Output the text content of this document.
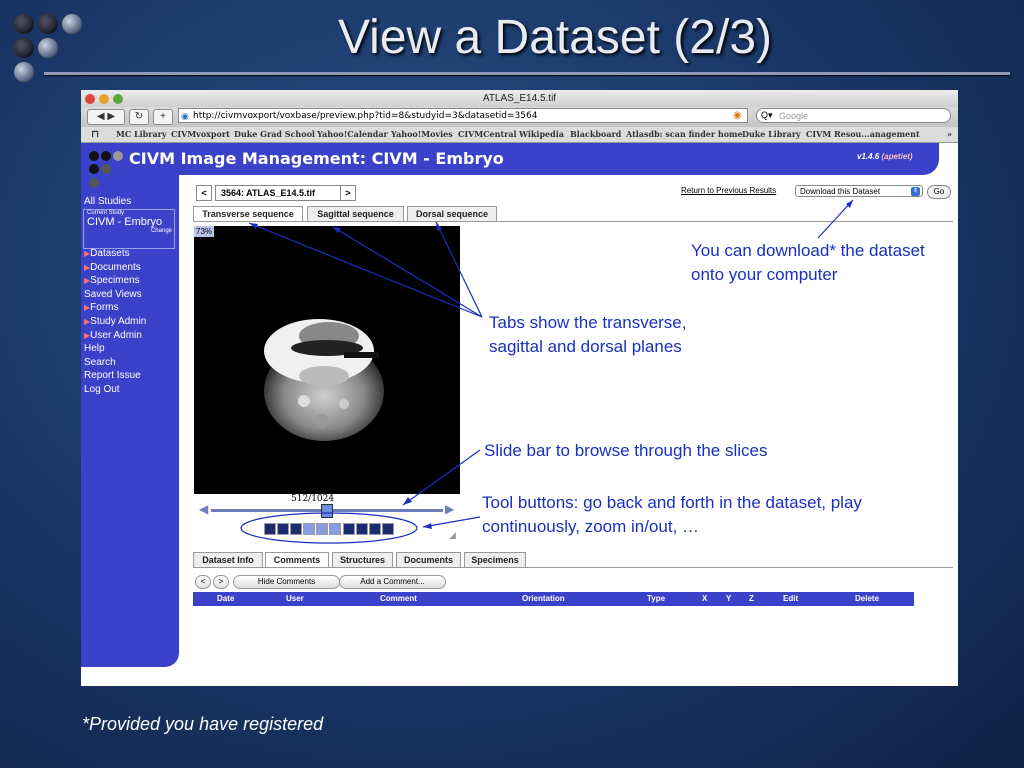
View a Dataset (2/3)
ATLAS_E14.5.tif
◀ ▶	↻	+	http://civmvoxport/voxbase/preview.php?tid=8&studyid=3&datasetid=3564
◉	◉	Google
Q▾
⊓ MC Library CIVMvoxport Duke Grad School Yahoo!Calendar Yahoo!Movies CIVMCentral Wikipedia Blackboard Atlasdb: scan finder home Duke Library CIVM Resou...anagement	»
CIVM Image Management: CIVM - Embryo	v1.4.6 (apetiet)
All Studies
Current Study
CIVM - Embryo
Change
▶Datasets
▶Documents
▶Specimens
Saved Views
▶Forms
▶Study Admin
▶User Admin
Help
Search
Report Issue
Log Out
<	3564: ATLAS_E14.5.tif	>	Return to Previous Results	Download this Dataset	⇕	Go
Transverse sequence	Sagittal sequence	Dorsal sequence
73%
512/1024
◀	▶
◢
Dataset Info	Comments	Structures	Documents	Specimens
<	>	Hide Comments	Add a Comment...
Date	User	Comment	Orientation	Type	X Y Z	Edit	Delete
You can download* the dataset onto your computer
Tabs show the transverse, sagittal and dorsal planes
Slide bar to browse through the slices
Tool buttons: go back and forth in the dataset, play continuously, zoom in/out, …
*Provided you have registered
